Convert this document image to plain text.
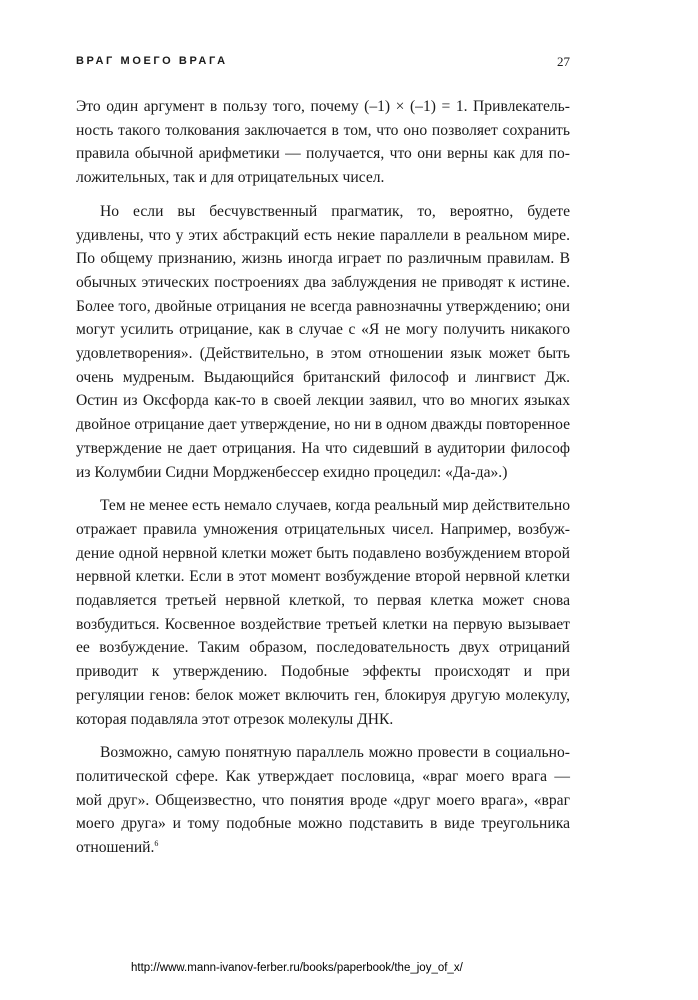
ВРАГ МОЕГО ВРАГА	27

Это один аргумент в пользу того, почему (–1) × (–1) = 1. Привлекательность такого толкования заключается в том, что оно позволяет сохранить правила обычной арифметики — получается, что они верны как для положительных, так и для отрицательных чисел.

Но если вы бесчувственный прагматик, то, вероятно, будете удивлены, что у этих абстракций есть некие параллели в реальном мире. По общему признанию, жизнь иногда играет по различным правилам. В обычных этических построениях два заблуждения не приводят к истине. Более того, двойные отрицания не всегда равнозначны утверждению; они могут усилить отрицание, как в случае с «Я не могу получить никакого удовлетворения». (Действительно, в этом отношении язык может быть очень мудреным. Выдающийся британский философ и лингвист Дж. Остин из Оксфорда как-то в своей лекции заявил, что во многих языках двойное отрицание дает утверждение, но ни в одном дважды повторенное утверждение не дает отрицания. На что сидевший в аудитории философ из Колумбии Сидни Мордженбессер ехидно процедил: «Да-да».)

Тем не менее есть немало случаев, когда реальный мир действительно отражает правила умножения отрицательных чисел. Например, возбуждение одной нервной клетки может быть подавлено возбуждением второй нервной клетки. Если в этот момент возбуждение второй нервной клетки подавляется третьей нервной клеткой, то первая клетка может снова возбудиться. Косвенное воздействие третьей клетки на первую вызывает ее возбуждение. Таким образом, последовательность двух отрицаний приводит к утверждению. Подобные эффекты происходят и при регуляции генов: белок может включить ген, блокируя другую молекулу, которая подавляла этот отрезок молекулы ДНК.

Возможно, самую понятную параллель можно провести в социально-политической сфере. Как утверждает пословица, «враг моего врага — мой друг». Общеизвестно, что понятия вроде «друг моего врага», «враг моего друга» и тому подобные можно подставить в виде треугольника отношений.$^6$

http://www.mann-ivanov-ferber.ru/books/paperbook/the_joy_of_x/
